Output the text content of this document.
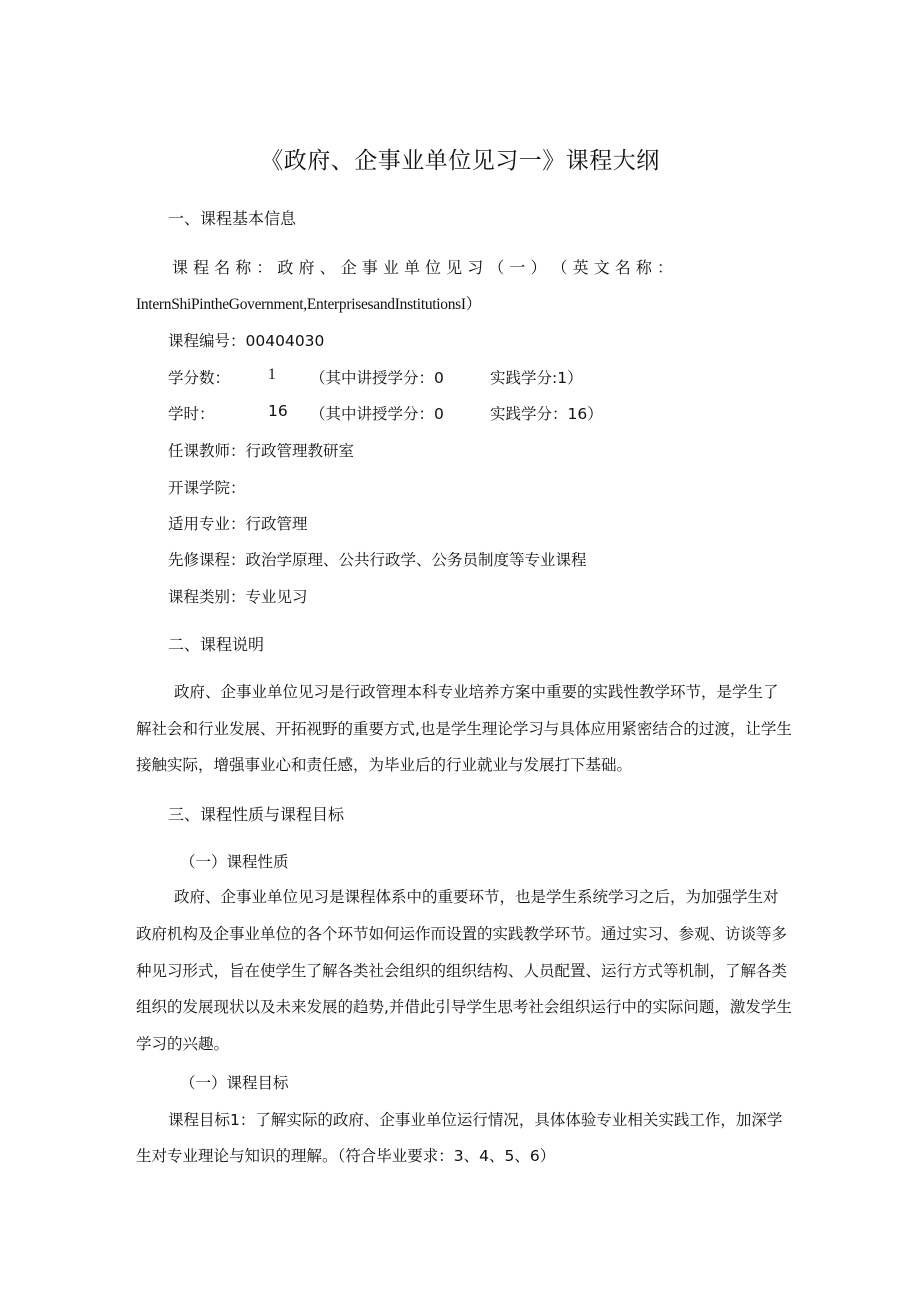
《政府、企事业单位见习一》课程大纲
一、课程基本信息
课 程 名 称 ： 政 府 、 企 事 业 单 位 见 习 （ 一 ） （ 英 文 名 称 ：
InternShiPintheGovernment,EnterprisesandInstitutionsI）
课程编号：00404030
学分数： 1 （其中讲授学分：0	实践学分:1）
学时：	16 （其中讲授学分：0	实践学分：16）
任课教师：行政管理教研室
开课学院：
适用专业：行政管理
先修课程：政治学原理、公共行政学、公务员制度等专业课程
课程类别：专业见习
二、课程说明
政府、企事业单位见习是行政管理本科专业培养方案中重要的实践性教学环节，是学生了
解社会和行业发展、开拓视野的重要方式,也是学生理论学习与具体应用紧密结合的过渡，让学生
接触实际，增强事业心和责任感，为毕业后的行业就业与发展打下基础。
三、课程性质与课程目标
（一）课程性质
政府、企事业单位见习是课程体系中的重要环节，也是学生系统学习之后，为加强学生对
政府机构及企事业单位的各个环节如何运作而设置的实践教学环节。通过实习、参观、访谈等多
种见习形式，旨在使学生了解各类社会组织的组织结构、人员配置、运行方式等机制，了解各类
组织的发展现状以及未来发展的趋势,并借此引导学生思考社会组织运行中的实际问题，激发学生
学习的兴趣。
（一）课程目标
课程目标1：了解实际的政府、企事业单位运行情况，具体体验专业相关实践工作，加深学
生对专业理论与知识的理解。（符合毕业要求：3、4、5、6）
